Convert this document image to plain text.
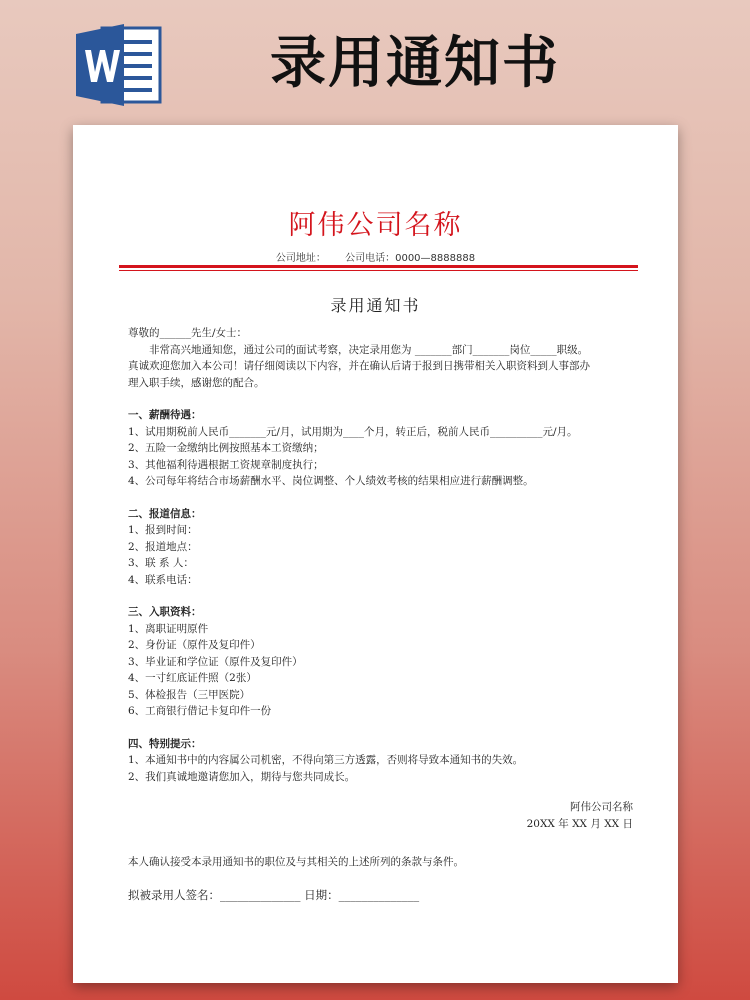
录用通知书
阿伟公司名称
公司地址： 公司电话：0000—8888888
录用通知书

尊敬的______先生/女士：

非常高兴地通知您，通过公司的面试考察，决定录用您为 _______部门_______岗位_____职级。

真诚欢迎您加入本公司！请仔细阅读以下内容，并在确认后请于报到日携带相关入职资料到人事部办

理入职手续，感谢您的配合。

一、薪酬待遇：

1、试用期税前人民币_______元/月，试用期为____个月，转正后，税前人民币__________元/月。

2、五险一金缴纳比例按照基本工资缴纳；

3、其他福利待遇根据工资规章制度执行；

4、公司每年将结合市场薪酬水平、岗位调整、个人绩效考核的结果相应进行薪酬调整。

二、报道信息：

1、报到时间：

2、报道地点：

3、联 系 人：

4、联系电话：

三、入职资料：

1、离职证明原件

2、身份证（原件及复印件）

3、毕业证和学位证（原件及复印件）

4、一寸红底证件照（2张）

5、体检报告（三甲医院）

6、工商银行借记卡复印件一份

四、特别提示：

1、本通知书中的内容属公司机密，不得向第三方透露，否则将导致本通知书的失效。

2、我们真诚地邀请您加入，期待与您共同成长。

阿伟公司名称

20XX 年 XX 月 XX 日

本人确认接受本录用通知书的职位及与其相关的上述所列的条款与条件。

拟被录用人签名：______________ 日期：______________
